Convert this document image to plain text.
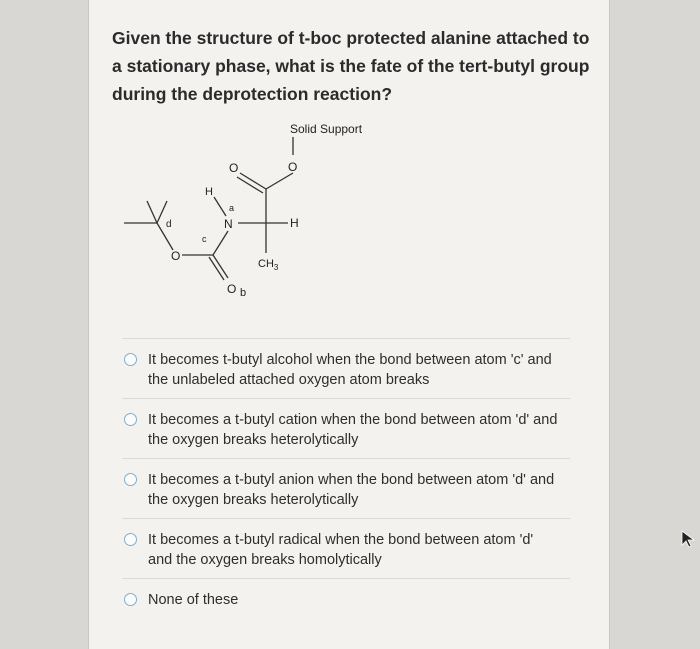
Given the structure of t-boc protected alanine attached to a stationary phase, what is the fate of the tert-butyl group during the deprotection reaction?
Solid Support
O
O
H
a
N	H
c
d
O
O b
$CH_3$
It becomes t-butyl alcohol when the bond between atom 'c' and the unlabeled attached oxygen atom breaks
It becomes a t-butyl cation when the bond between atom 'd' and the oxygen breaks heterolytically
It becomes a t-butyl anion when the bond between atom 'd' and the oxygen breaks heterolytically
It becomes a t-butyl radical when the bond between atom 'd' and the oxygen breaks homolytically
None of these
